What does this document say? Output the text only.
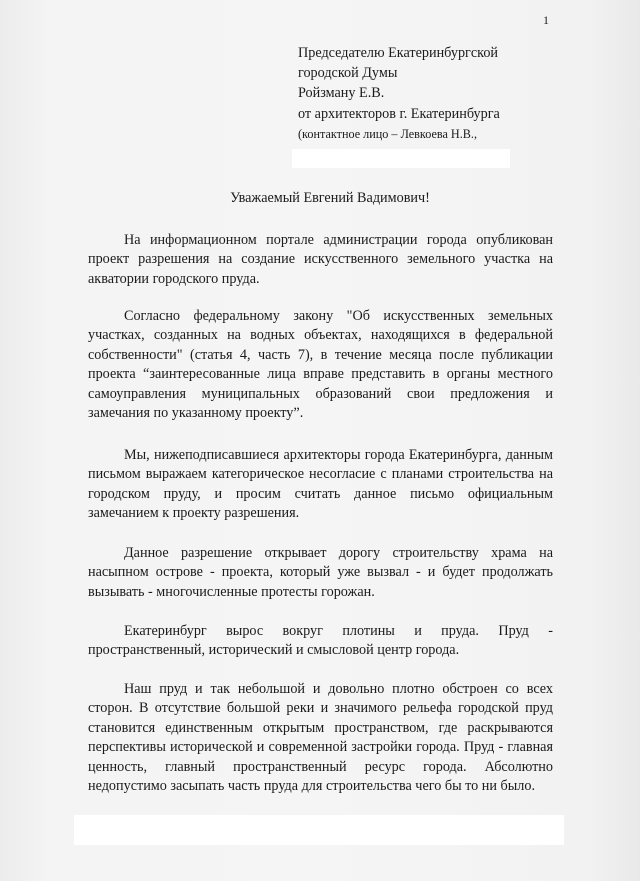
1
Председателю Екатеринбургской
городской Думы
Ройзману Е.В.
от архитекторов г. Екатеринбурга
(контактное лицо – Левкоева Н.В.,
Уважаемый Евгений Вадимович!
На информационном портале администрации города опубликован проект разрешения на создание искусственного земельного участка на акватории городского пруда.
Согласно федеральному закону "Об искусственных земельных участках, созданных на водных объектах, находящихся в федеральной собственности" (статья 4, часть 7), в течение месяца после публикации проекта “заинтересованные лица вправе представить в органы местного самоуправления муниципальных образований свои предложения и замечания по указанному проекту”.
Мы, нижеподписавшиеся архитекторы города Екатеринбурга, данным письмом выражаем категорическое несогласие с планами строительства на городском пруду, и просим считать данное письмо официальным замечанием к проекту разрешения.
Данное разрешение открывает дорогу строительству храма на насыпном острове - проекта, который уже вызвал - и будет продолжать вызывать - многочисленные протесты горожан.
Екатеринбург вырос вокруг плотины и пруда. Пруд - пространственный, исторический и смысловой центр города.
Наш пруд и так небольшой и довольно плотно обстроен со всех сторон. В отсутствие большой реки и значимого рельефа городской пруд становится единственным открытым пространством, где раскрываются перспективы исторической и современной застройки города. Пруд - главная ценность, главный пространственный ресурс города. Абсолютно недопустимо засыпать часть пруда для строительства чего бы то ни было.
